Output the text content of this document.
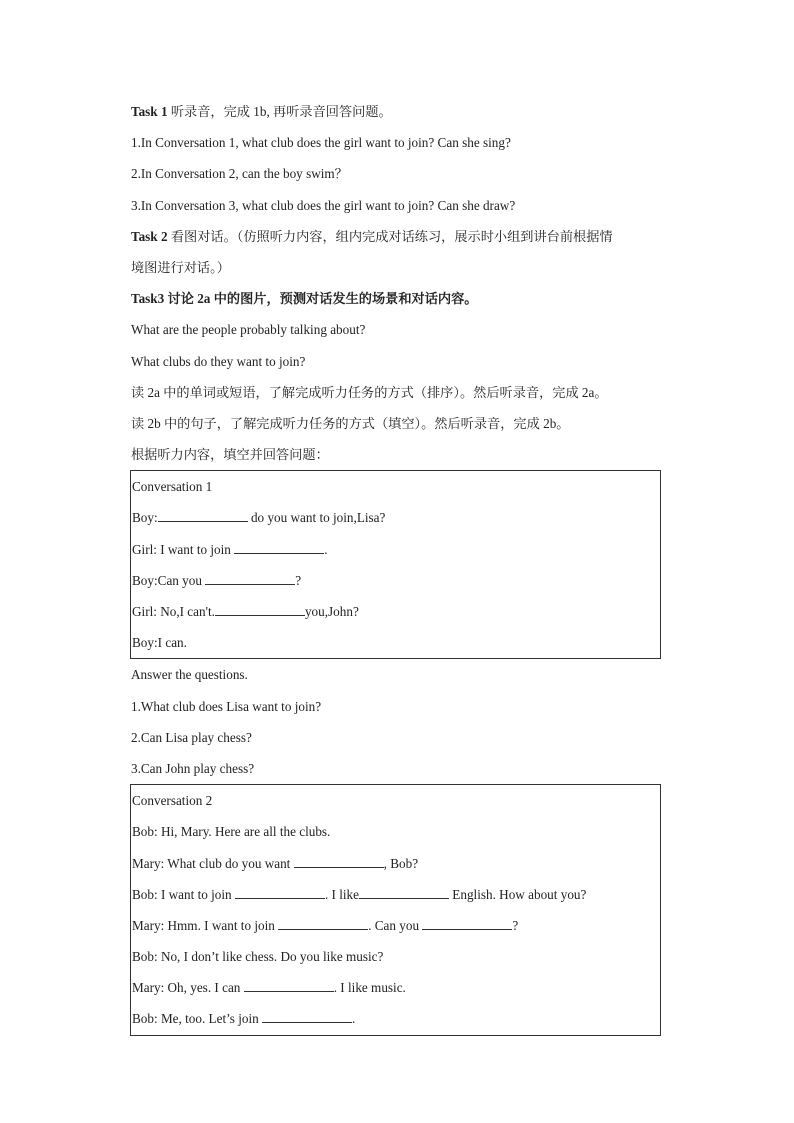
Task 1 听录音，完成 1b, 再听录音回答问题。
1.In Conversation 1, what club does the girl want to join? Can she sing?
2.In Conversation 2, can the boy swim？
3.In Conversation 3, what club does the girl want to join? Can she draw?
Task 2 看图对话。（仿照听力内容，组内完成对话练习，展示时小组到讲台前根据情
境图进行对话。）
Task3 讨论 2a 中的图片，预测对话发生的场景和对话内容。
What are the people probably talking about?
What clubs do they want to join?
读 2a 中的单词或短语，了解完成听力任务的方式（排序）。然后听录音，完成 2a。
读 2b 中的句子，了解完成听力任务的方式（填空）。然后听录音，完成 2b。
根据听力内容，填空并回答问题：
Conversation 1
Boy:	do you want to join,Lisa?
Girl: I want to join	.
Boy:Can you	?
Girl: No,I can't.	you,John?
Boy:I can.
Answer the questions.
1.What club does Lisa want to join?
2.Can Lisa play chess?
3.Can John play chess?
Conversation 2
Bob: Hi, Mary. Here are all the clubs.
Mary: What club do you want	, Bob?
Bob: I want to join	. I like	English. How about you?
Mary: Hmm. I want to join	. Can you	?
Bob: No, I don’t like chess. Do you like music?
Mary: Oh, yes. I can	. I like music.
Bob: Me, too. Let’s join	.
